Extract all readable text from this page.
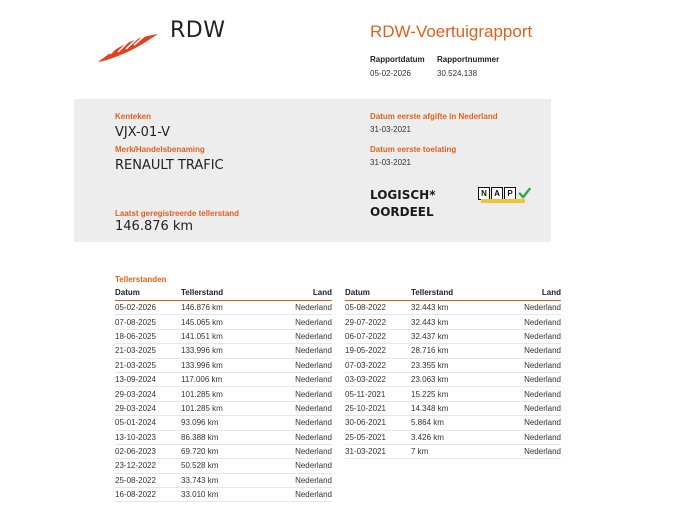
RDW	RDW-Voertuigrapport
Rapportdatum
05-02-2026
Rapportnummer
30.524.138
Kenteken
VJX-01-V
Merk/Handelsbenaming
RENAULT TRAFIC
Laatst geregistreerde tellerstand
146.876 km
Datum eerste afgifte in Nederland
31-03-2021
Datum eerste toelating
31-03-2021
LOGISCH*
OORDEEL
N A P
Tellerstanden
Datum	Tellerstand	Land
05-02-2026	146.876 km	Nederland
07-08-2025	145.065 km	Nederland
18-06-2025	141.051 km	Nederland
21-03-2025	133.996 km	Nederland
21-03-2025	133.996 km	Nederland
13-09-2024	117.006 km	Nederland
29-03-2024	101.285 km	Nederland
29-03-2024	101.285 km	Nederland
05-01-2024	93.096 km	Nederland
13-10-2023	86.388 km	Nederland
02-06-2023	69.720 km	Nederland
23-12-2022	50.528 km	Nederland
25-08-2022	33.743 km	Nederland
16-08-2022	33.010 km	Nederland
Datum	Tellerstand	Land
05-08-2022	32.443 km	Nederland
29-07-2022	32.443 km	Nederland
06-07-2022	32.437 km	Nederland
19-05-2022	28.716 km	Nederland
07-03-2022	23.355 km	Nederland
03-03-2022	23.063 km	Nederland
05-11-2021	15.225 km	Nederland
25-10-2021	14.348 km	Nederland
30-06-2021	5.864 km	Nederland
25-05-2021	3.426 km	Nederland
31-03-2021	7 km	Nederland
